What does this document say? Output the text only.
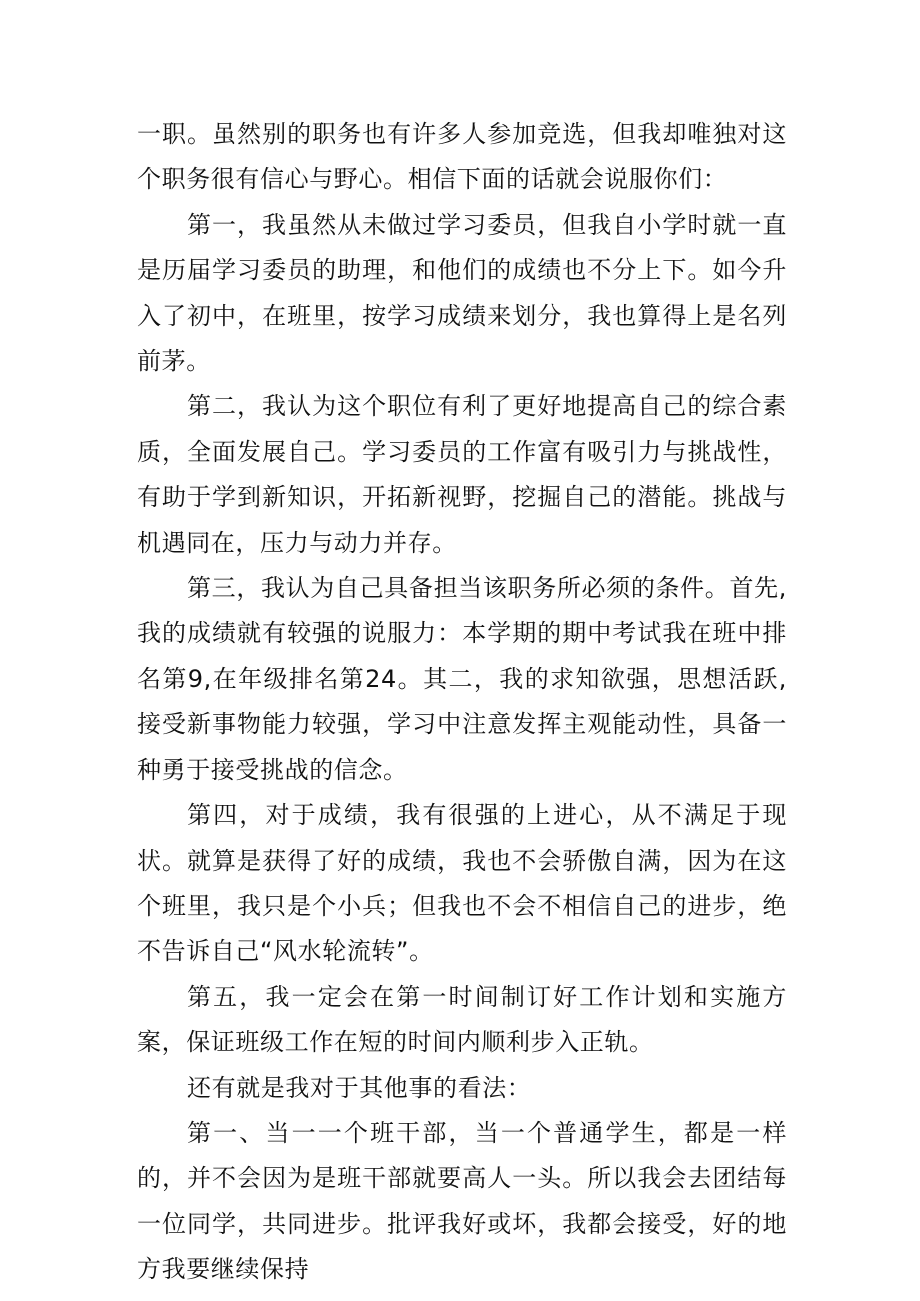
一职。虽然别的职务也有许多人参加竞选，但我却唯独对这个职务很有信心与野心。相信下面的话就会说服你们：

第一，我虽然从未做过学习委员，但我自小学时就一直是历届学习委员的助理，和他们的成绩也不分上下。如今升入了初中，在班里，按学习成绩来划分，我也算得上是名列前茅。

第二，我认为这个职位有利了更好地提高自己的综合素质，全面发展自己。学习委员的工作富有吸引力与挑战性，有助于学到新知识，开拓新视野，挖掘自己的潜能。挑战与机遇同在，压力与动力并存。

第三，我认为自己具备担当该职务所必须的条件。首先,我的成绩就有较强的说服力：本学期的期中考试我在班中排名第9,在年级排名第24。其二，我的求知欲强，思想活跃,接受新事物能力较强，学习中注意发挥主观能动性，具备一种勇于接受挑战的信念。

第四，对于成绩，我有很强的上进心，从不满足于现状。就算是获得了好的成绩，我也不会骄傲自满，因为在这个班里，我只是个小兵；但我也不会不相信自己的进步，绝不告诉自己“风水轮流转”。

第五，我一定会在第一时间制订好工作计划和实施方案，保证班级工作在短的时间内顺利步入正轨。

还有就是我对于其他事的看法：

第一、当一一个班干部，当一个普通学生，都是一样的，并不会因为是班干部就要高人一头。所以我会去团结每一位同学，共同进步。批评我好或坏，我都会接受，好的地方我要继续保持
